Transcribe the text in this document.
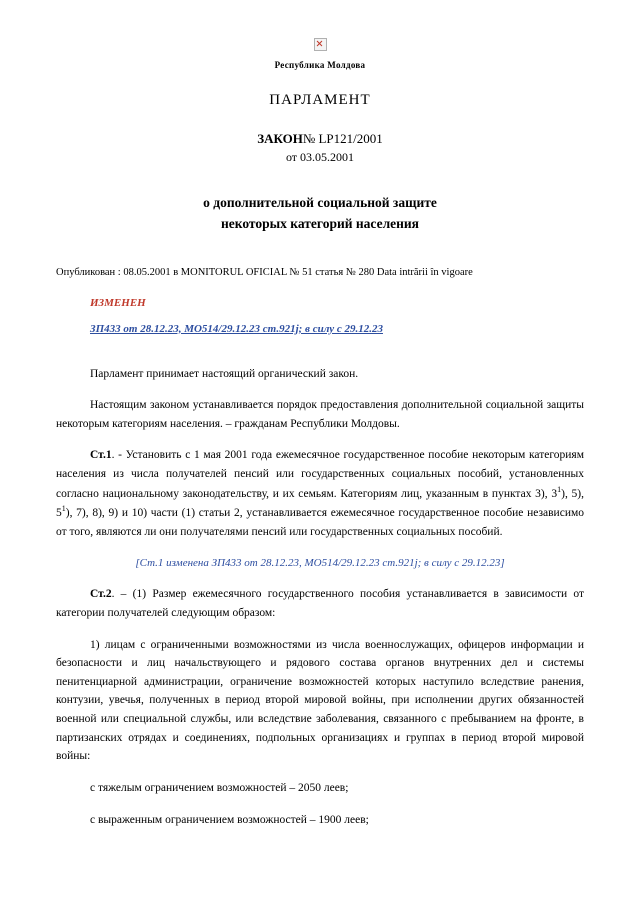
Республика Молдова
ПАРЛАМЕНТ
ЗАКОН№ LP121/2001
от 03.05.2001
о дополнительной социальной защите
некоторых категорий населения
Опубликован : 08.05.2001 в MONITORUL OFICIAL № 51 статья № 280 Data intrării în vigoare
ИЗМЕНЕН
ЗП433 от 28.12.23, МО514/29.12.23 ст.921j; в силу с 29.12.23

Парламент принимает настоящий органический закон.

Настоящим законом устанавливается порядок предоставления дополнительной социальной защиты некоторым категориям населения. – гражданам Республики Молдовы.

Ст.1. - Установить с 1 мая 2001 года ежемесячное государственное пособие некоторым категориям населения из числа получателей пенсий или государственных социальных пособий, установленных согласно национальному законодательству, и их семьям. Категориям лиц, указанным в пунктах 3), $3^1$), 5), $5^1$), 7), 8), 9) и 10) части (1) статьи 2, устанавливается ежемесячное государственное пособие независимо от того, являются ли они получателями пенсий или государственных социальных пособий.

[Ст.1 изменена ЗП433 от 28.12.23, МО514/29.12.23 ст.921j; в силу с 29.12.23]

Ст.2. – (1) Размер ежемесячного государственного пособия устанавливается в зависимости от категории получателей следующим образом:

1) лицам с ограниченными возможностями из числа военнослужащих, офицеров информации и безопасности и лиц начальствующего и рядового состава органов внутренних дел и системы пенитенциарной администрации, ограничение возможностей которых наступило вследствие ранения, контузии, увечья, полученных в период второй мировой войны, при исполнении других обязанностей военной или специальной службы, или вследствие заболевания, связанного с пребыванием на фронте, в партизанских отрядах и соединениях, подпольных организациях и группах в период второй мировой войны:

с тяжелым ограничением возможностей – 2050 леев;

с выраженным ограничением возможностей – 1900 леев;
